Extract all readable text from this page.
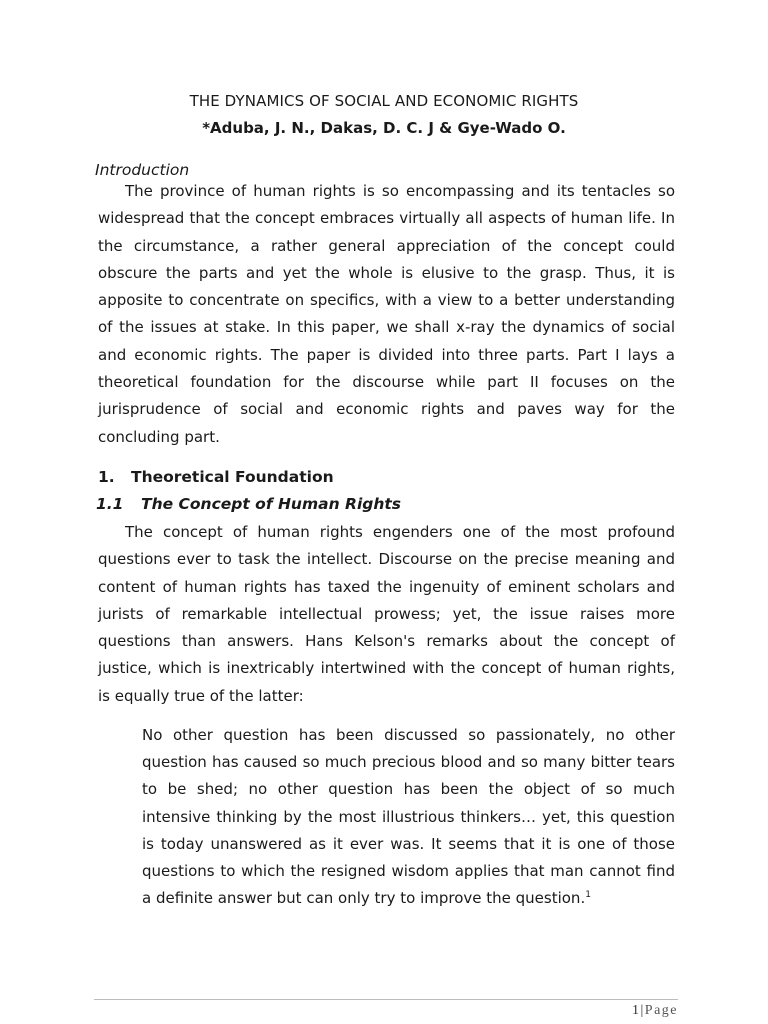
THE DYNAMICS OF SOCIAL AND ECONOMIC RIGHTS
*Aduba, J. N., Dakas, D. C. J & Gye-Wado O.
Introduction

The province of human rights is so encompassing and its tentacles so widespread that the concept embraces virtually all aspects of human life. In the circumstance, a rather general appreciation of the concept could obscure the parts and yet the whole is elusive to the grasp. Thus, it is apposite to concentrate on specifics, with a view to a better understanding of the issues at stake. In this paper, we shall x-ray the dynamics of social and economic rights. The paper is divided into three parts. Part I lays a theoretical foundation for the discourse while part II focuses on the jurisprudence of social and economic rights and paves way for the concluding part.

1. Theoretical Foundation
1.1 The Concept of Human Rights

The concept of human rights engenders one of the most profound questions ever to task the intellect. Discourse on the precise meaning and content of human rights has taxed the ingenuity of eminent scholars and jurists of remarkable intellectual prowess; yet, the issue raises more questions than answers. Hans Kelson's remarks about the concept of justice, which is inextricably intertwined with the concept of human rights, is equally true of the latter:

No other question has been discussed so passionately, no other question has caused so much precious blood and so many bitter tears to be shed; no other question has been the object of so much intensive thinking by the most illustrious thinkers… yet, this question is today unanswered as it ever was. It seems that it is one of those questions to which the resigned wisdom applies that man cannot find a definite answer but can only try to improve the question.$^1$

1|Page
